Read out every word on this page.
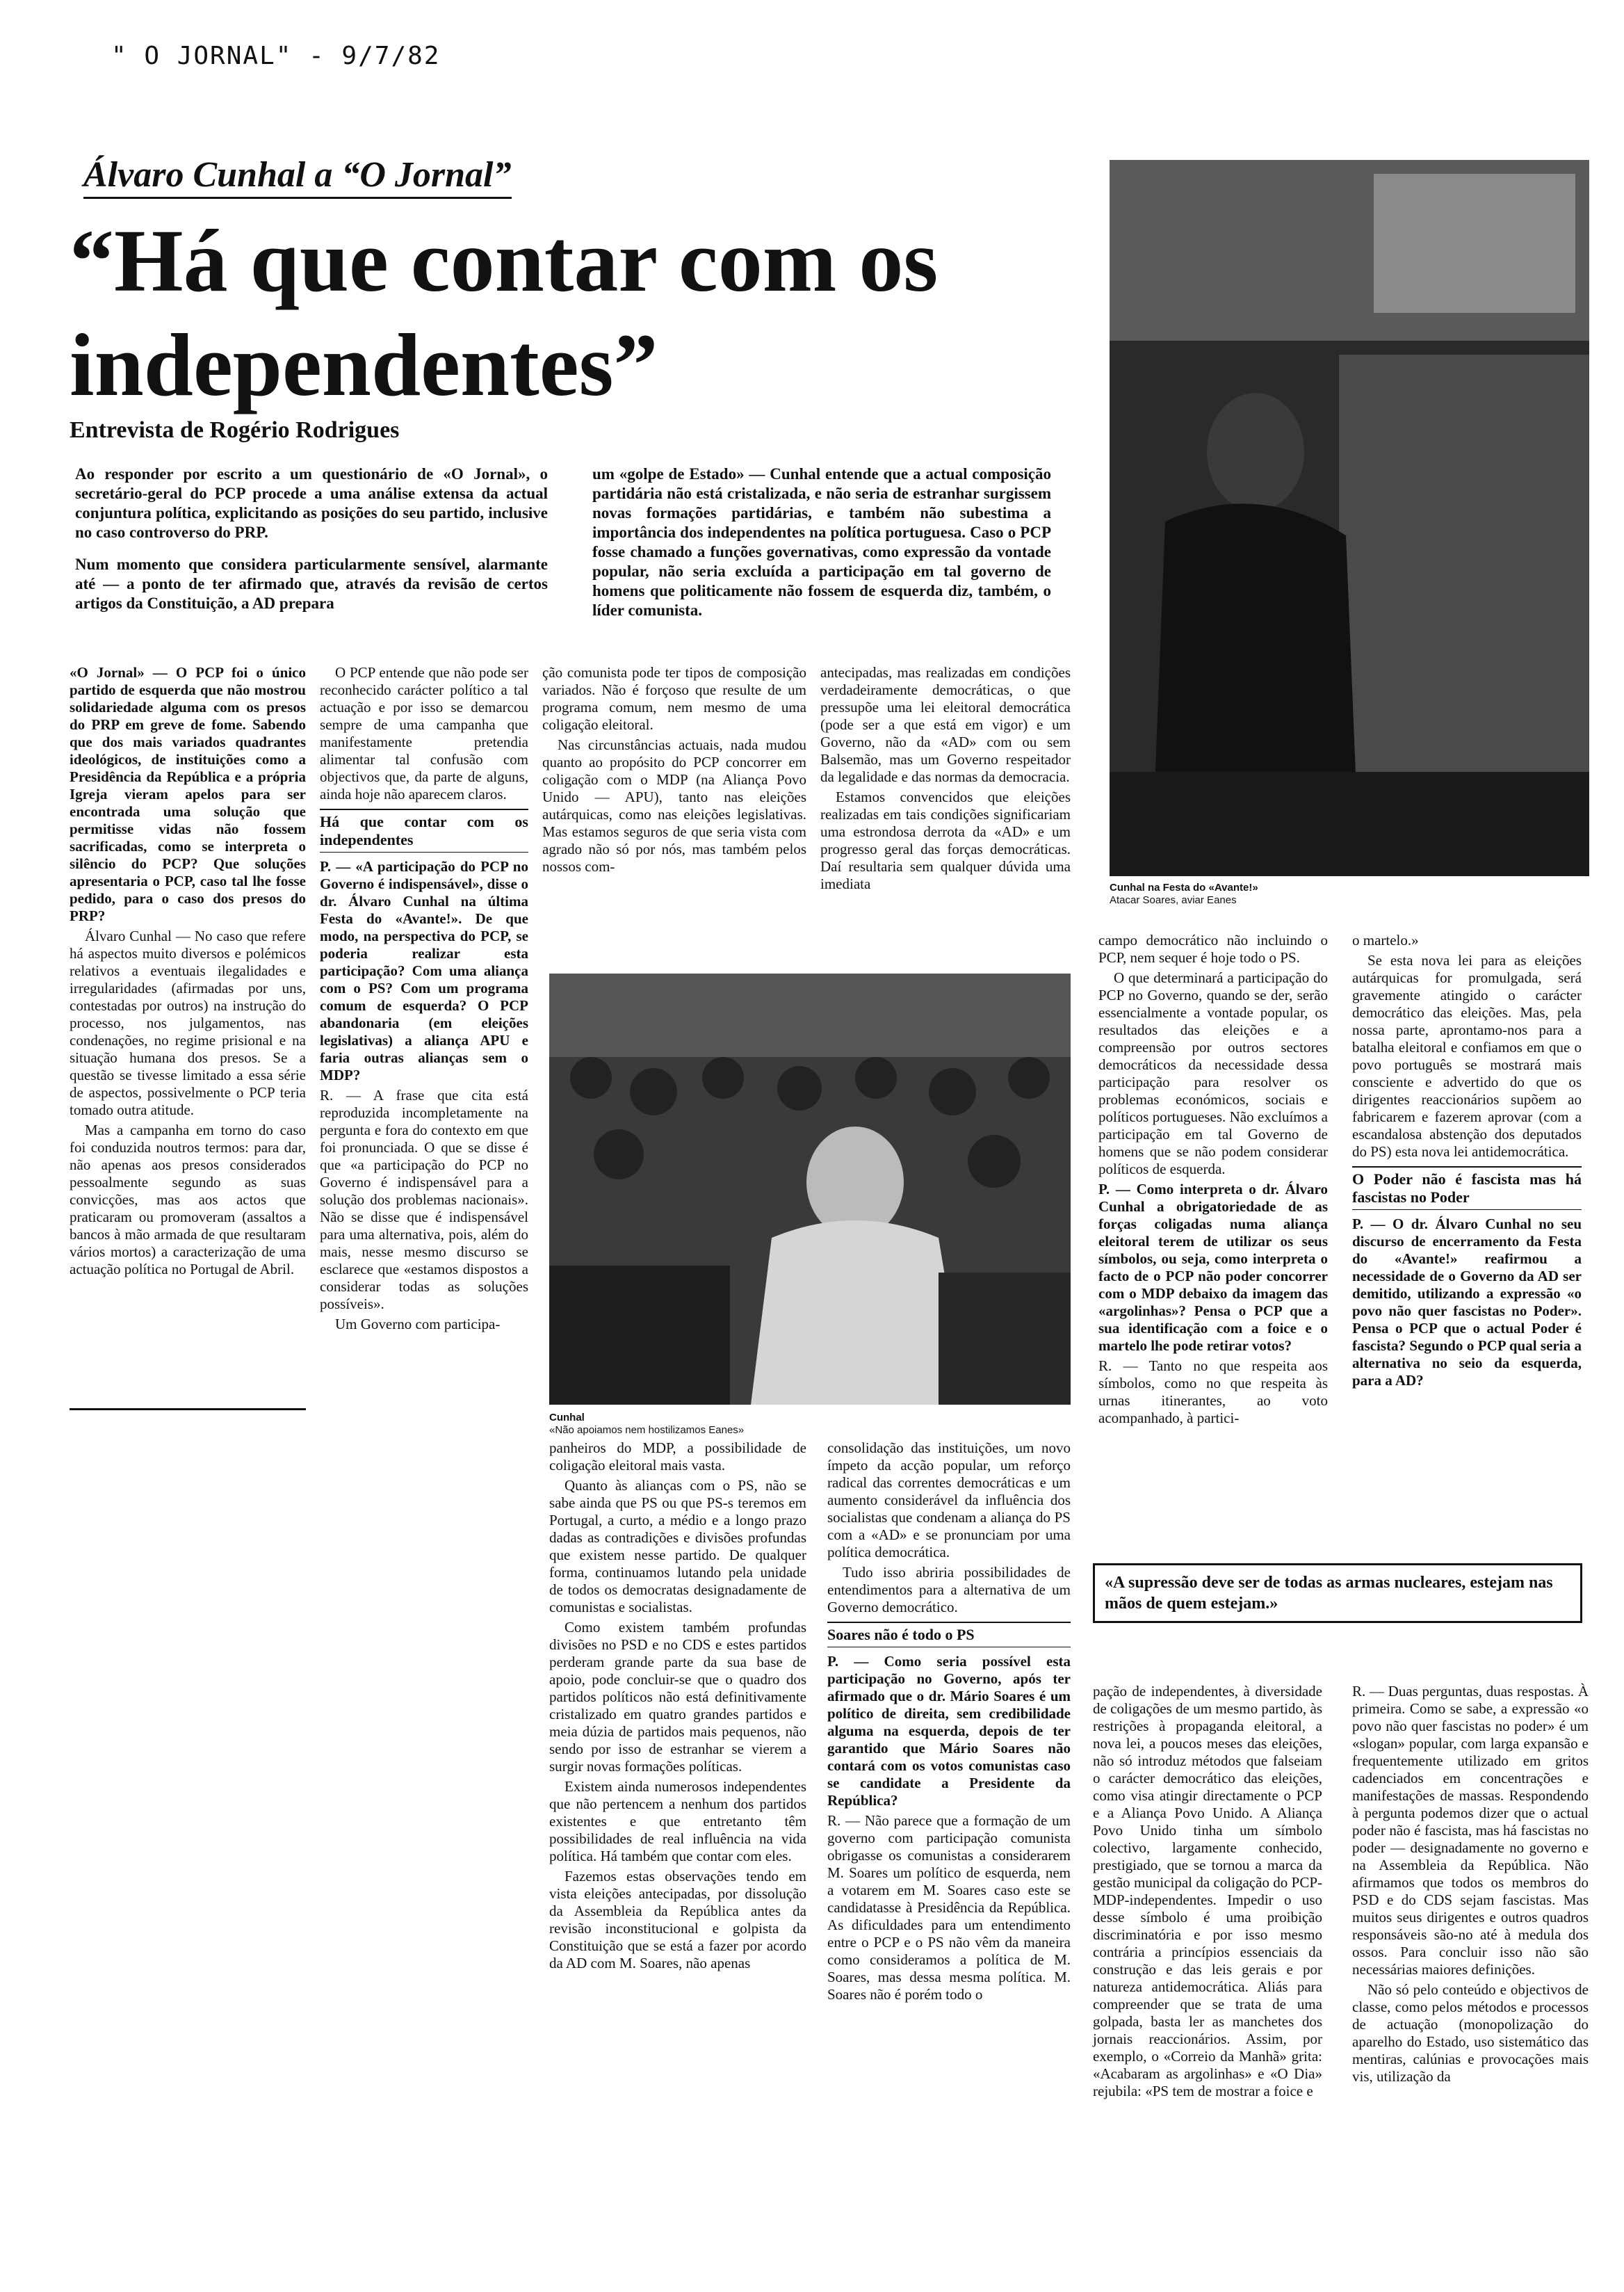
" O JORNAL" - 9/7/82
Álvaro Cunhal a “O Jornal”
“Há que contar com os independentes”
Entrevista de Rogério Rodrigues

Ao responder por escrito a um questionário de «O Jornal», o secretário-geral do PCP procede a uma análise extensa da actual conjuntura política, explicitando as posições do seu partido, inclusive no caso controverso do PRP.

Num momento que considera particularmente sensível, alarmante até — a ponto de ter afirmado que, através da revisão de certos artigos da Constituição, a AD prepara

um «golpe de Estado» — Cunhal entende que a actual composição partidária não está cristalizada, e não seria de estranhar surgissem novas formações partidárias, e também não subestima a importância dos independentes na política portuguesa. Caso o PCP fosse chamado a funções governativas, como expressão da vontade popular, não seria excluída a participação em tal governo de homens que politicamente não fossem de esquerda diz, também, o líder comunista.

Cunhal na Festa do «Avante!»
Atacar Soares, aviar Eanes

«O Jornal» — O PCP foi o único partido de esquerda que não mostrou solidariedade alguma com os presos do PRP em greve de fome. Sabendo que dos mais variados quadrantes ideológicos, de instituições como a Presidência da República e a própria Igreja vieram apelos para ser encontrada uma solução que permitisse vidas não fossem sacrificadas, como se interpreta o silêncio do PCP? Que soluções apresentaria o PCP, caso tal lhe fosse pedido, para o caso dos presos do PRP?

Álvaro Cunhal — No caso que refere há aspectos muito diversos e polémicos relativos a eventuais ilegalidades e irregularidades (afirmadas por uns, contestadas por outros) na instrução do processo, nos julgamentos, nas condenações, no regime prisional e na situação humana dos presos. Se a questão se tivesse limitado a essa série de aspectos, possivelmente o PCP teria tomado outra atitude.

Mas a campanha em torno do caso foi conduzida noutros termos: para dar, não apenas aos presos considerados pessoalmente segundo as suas convicções, mas aos actos que praticaram ou promoveram (assaltos a bancos à mão armada de que resultaram vários mortos) a caracterização de uma actuação política no Portugal de Abril.

O PCP entende que não pode ser reconhecido carácter político a tal actuação e por isso se demarcou sempre de uma campanha que manifestamente pretendia alimentar tal confusão com objectivos que, da parte de alguns, ainda hoje não aparecem claros.

Há que contar com os independentes

P. — «A participação do PCP no Governo é indispensável», disse o dr. Álvaro Cunhal na última Festa do «Avante!». De que modo, na perspectiva do PCP, se poderia realizar esta participação? Com uma aliança com o PS? Com um programa comum de esquerda? O PCP abandonaria (em eleições legislativas) a aliança APU e faria outras alianças sem o MDP?

R. — A frase que cita está reproduzida incompletamente na pergunta e fora do contexto em que foi pronunciada. O que se disse é que «a participação do PCP no Governo é indispensável para a solução dos problemas nacionais». Não se disse que é indispensável para uma alternativa, pois, além do mais, nesse mesmo discurso se esclarece que «estamos dispostos a considerar todas as soluções possíveis».

Um Governo com participa-

ção comunista pode ter tipos de composição variados. Não é forçoso que resulte de um programa comum, nem mesmo de uma coligação eleitoral.

Nas circunstâncias actuais, nada mudou quanto ao propósito do PCP concorrer em coligação com o MDP (na Aliança Povo Unido — APU), tanto nas eleições autárquicas, como nas eleições legislativas. Mas estamos seguros de que seria vista com agrado não só por nós, mas também pelos nossos com-

antecipadas, mas realizadas em condições verdadeiramente democráticas, o que pressupõe uma lei eleitoral democrática (pode ser a que está em vigor) e um Governo, não da «AD» com ou sem Balsemão, mas um Governo respeitador da legalidade e das normas da democracia.

Estamos convencidos que eleições realizadas em tais condições significariam uma estrondosa derrota da «AD» e um progresso geral das forças democráticas. Daí resultaria sem qualquer dúvida uma imediata

Cunhal
«Não apoiamos nem hostilizamos Eanes»

campo democrático não incluindo o PCP, nem sequer é hoje todo o PS.

O que determinará a participação do PCP no Governo, quando se der, serão essencialmente a vontade popular, os resultados das eleições e a compreensão por outros sectores democráticos da necessidade dessa participação para resolver os problemas económicos, sociais e políticos portugueses. Não excluímos a participação em tal Governo de homens que se não podem considerar políticos de esquerda.

P. — Como interpreta o dr. Álvaro Cunhal a obrigatoriedade de as forças coligadas numa aliança eleitoral terem de utilizar os seus símbolos, ou seja, como interpreta o facto de o PCP não poder concorrer com o MDP debaixo da imagem das «argolinhas»? Pensa o PCP que a sua identificação com a foice e o martelo lhe pode retirar votos?

R. — Tanto no que respeita aos símbolos, como no que respeita às urnas itinerantes, ao voto acompanhado, à partici-

o martelo.»

Se esta nova lei para as eleições autárquicas for promulgada, será gravemente atingido o carácter democrático das eleições. Mas, pela nossa parte, aprontamo-nos para a batalha eleitoral e confiamos em que o povo português se mostrará mais consciente e advertido do que os dirigentes reaccionários supõem ao fabricarem e fazerem aprovar (com a escandalosa abstenção dos deputados do PS) esta nova lei antidemocrática.

O Poder não é fascista mas há fascistas no Poder

P. — O dr. Álvaro Cunhal no seu discurso de encerramento da Festa do «Avante!» reafirmou a necessidade de o Governo da AD ser demitido, utilizando a expressão «o povo não quer fascistas no Poder». Pensa o PCP que o actual Poder é fascista? Segundo o PCP qual seria a alternativa no seio da esquerda, para a AD?

«A supressão deve ser de todas as armas nucleares, estejam nas mãos de quem estejam.»

panheiros do MDP, a possibilidade de coligação eleitoral mais vasta.

Quanto às alianças com o PS, não se sabe ainda que PS ou que PS-s teremos em Portugal, a curto, a médio e a longo prazo dadas as contradições e divisões profundas que existem nesse partido. De qualquer forma, continuamos lutando pela unidade de todos os democratas designadamente de comunistas e socialistas.

Como existem também profundas divisões no PSD e no CDS e estes partidos perderam grande parte da sua base de apoio, pode concluir-se que o quadro dos partidos políticos não está definitivamente cristalizado em quatro grandes partidos e meia dúzia de partidos mais pequenos, não sendo por isso de estranhar se vierem a surgir novas formações políticas.

Existem ainda numerosos independentes que não pertencem a nenhum dos partidos existentes e que entretanto têm possibilidades de real influência na vida política. Há também que contar com eles.

Fazemos estas observações tendo em vista eleições antecipadas, por dissolução da Assembleia da República antes da revisão inconstitucional e golpista da Constituição que se está a fazer por acordo da AD com M. Soares, não apenas

consolidação das instituições, um novo ímpeto da acção popular, um reforço radical das correntes democráticas e um aumento considerável da influência dos socialistas que condenam a aliança do PS com a «AD» e se pronunciam por uma política democrática.

Tudo isso abriria possibilidades de entendimentos para a alternativa de um Governo democrático.

Soares não é todo o PS

P. — Como seria possível esta participação no Governo, após ter afirmado que o dr. Mário Soares é um político de direita, sem credibilidade alguma na esquerda, depois de ter garantido que Mário Soares não contará com os votos comunistas caso se candidate a Presidente da República?

R. — Não parece que a formação de um governo com participação comunista obrigasse os comunistas a considerarem M. Soares um político de esquerda, nem a votarem em M. Soares caso este se candidatasse à Presidência da República. As dificuldades para um entendimento entre o PCP e o PS não vêm da maneira como consideramos a política de M. Soares, mas dessa mesma política. M. Soares não é porém todo o

pação de independentes, à diversidade de coligações de um mesmo partido, às restrições à propaganda eleitoral, a nova lei, a poucos meses das eleições, não só introduz métodos que falseiam o carácter democrático das eleições, como visa atingir directamente o PCP e a Aliança Povo Unido. A Aliança Povo Unido tinha um símbolo colectivo, largamente conhecido, prestigiado, que se tornou a marca da gestão municipal da coligação do PCP-MDP-independentes. Impedir o uso desse símbolo é uma proibição discriminatória e por isso mesmo contrária a princípios essenciais da construção e das leis gerais e por natureza antidemocrática. Aliás para compreender que se trata de uma golpada, basta ler as manchetes dos jornais reaccionários. Assim, por exemplo, o «Correio da Manhã» grita: «Acabaram as argolinhas» e «O Dia» rejubila: «PS tem de mostrar a foice e

R. — Duas perguntas, duas respostas. À primeira. Como se sabe, a expressão «o povo não quer fascistas no poder» é um «slogan» popular, com larga expansão e frequentemente utilizado em gritos cadenciados em concentrações e manifestações de massas. Respondendo à pergunta podemos dizer que o actual poder não é fascista, mas há fascistas no poder — designadamente no governo e na Assembleia da República. Não afirmamos que todos os membros do PSD e do CDS sejam fascistas. Mas muitos seus dirigentes e outros quadros responsáveis são-no até à medula dos ossos. Para concluir isso não são necessárias maiores definições.

Não só pelo conteúdo e objectivos de classe, como pelos métodos e processos de actuação (monopolização do aparelho do Estado, uso sistemático das mentiras, calúnias e provocações mais vis, utilização da
